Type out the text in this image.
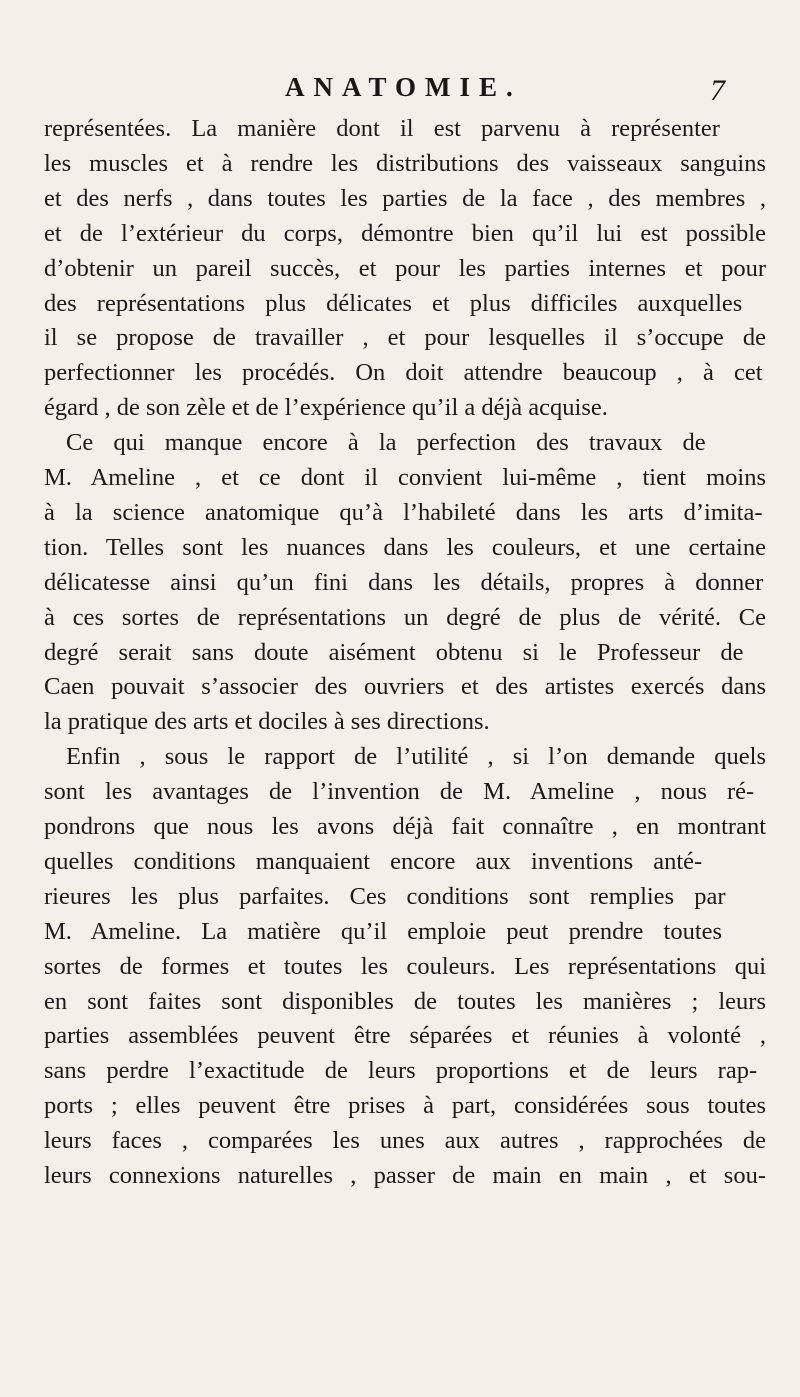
ANATOMIE.	7
représentées. La manière dont il est parvenu à représenter
les muscles et à rendre les distributions des vaisseaux sanguins
et des nerfs , dans toutes les parties de la face , des membres ,
et de l’extérieur du corps, démontre bien qu’il lui est possible
d’obtenir un pareil succès, et pour les parties internes et pour
des représentations plus délicates et plus difficiles auxquelles
il se propose de travailler , et pour lesquelles il s’occupe de
perfectionner les procédés. On doit attendre beaucoup , à cet
égard , de son zèle et de l’expérience qu’il a déjà acquise.
Ce qui manque encore à la perfection des travaux de
M. Ameline , et ce dont il convient lui-même , tient moins
à la science anatomique qu’à l’habileté dans les arts d’imita-
tion. Telles sont les nuances dans les couleurs, et une certaine
délicatesse ainsi qu’un fini dans les détails, propres à donner
à ces sortes de représentations un degré de plus de vérité. Ce
degré serait sans doute aisément obtenu si le Professeur de
Caen pouvait s’associer des ouvriers et des artistes exercés dans
la pratique des arts et dociles à ses directions.
Enfin , sous le rapport de l’utilité , si l’on demande quels
sont les avantages de l’invention de M. Ameline , nous ré-
pondrons que nous les avons déjà fait connaître , en montrant
quelles conditions manquaient encore aux inventions anté-
rieures les plus parfaites. Ces conditions sont remplies par
M. Ameline. La matière qu’il emploie peut prendre toutes
sortes de formes et toutes les couleurs. Les représentations qui
en sont faites sont disponibles de toutes les manières ; leurs
parties assemblées peuvent être séparées et réunies à volonté ,
sans perdre l’exactitude de leurs proportions et de leurs rap-
ports ; elles peuvent être prises à part, considérées sous toutes
leurs faces , comparées les unes aux autres , rapprochées de
leurs connexions naturelles , passer de main en main , et sou-
